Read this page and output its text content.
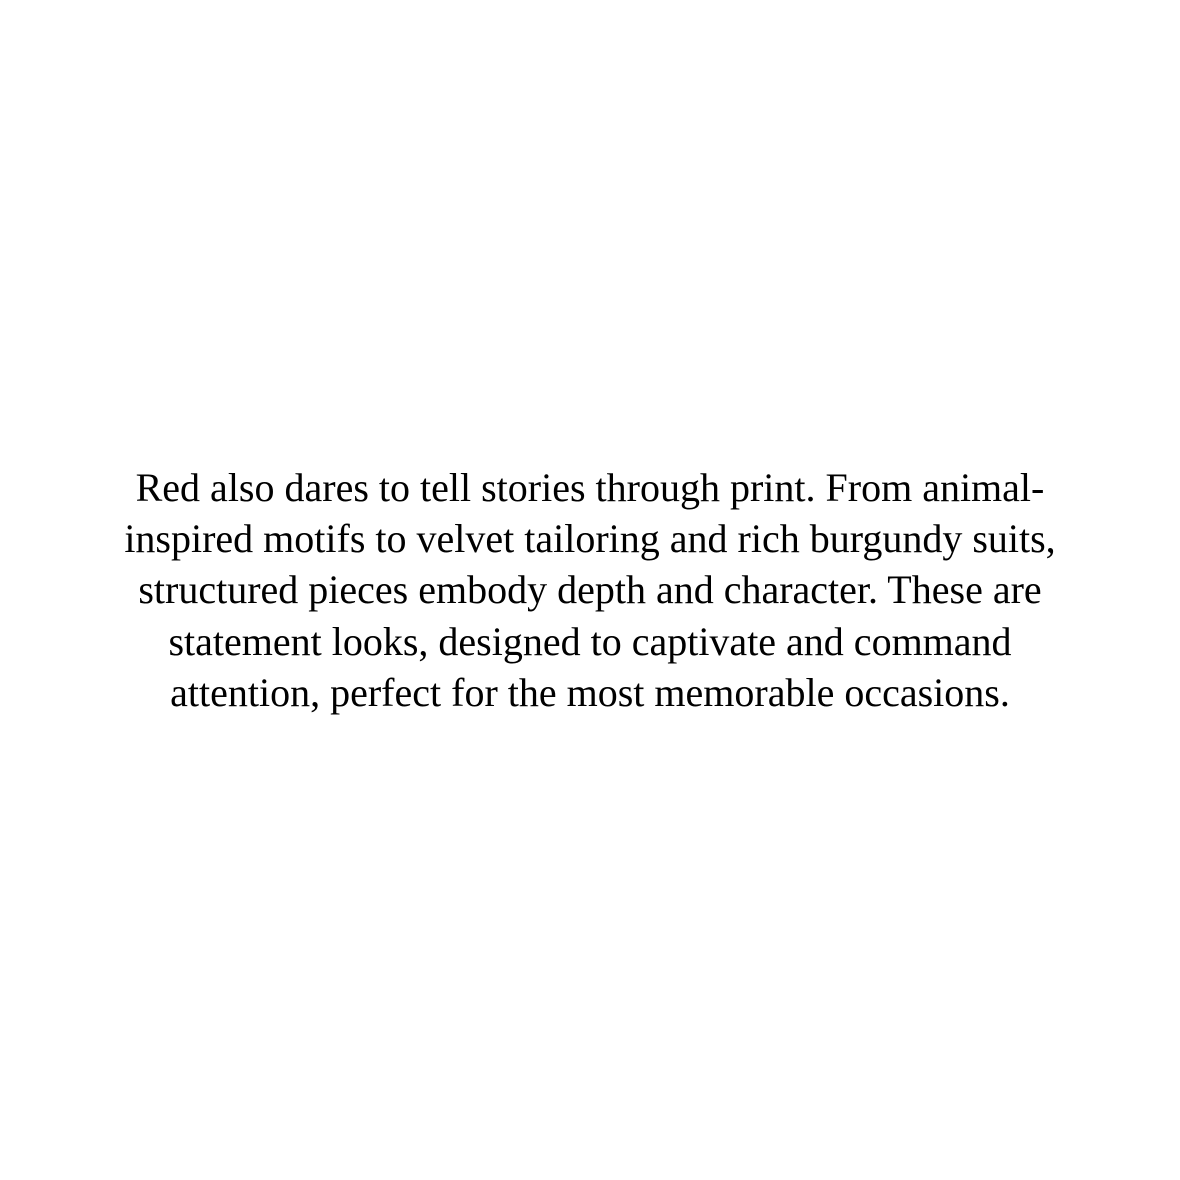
Red also dares to tell stories through print. From animal-inspired motifs to velvet tailoring and rich burgundy suits, structured pieces embody depth and character. These are statement looks, designed to captivate and command attention, perfect for the most memorable occasions.
